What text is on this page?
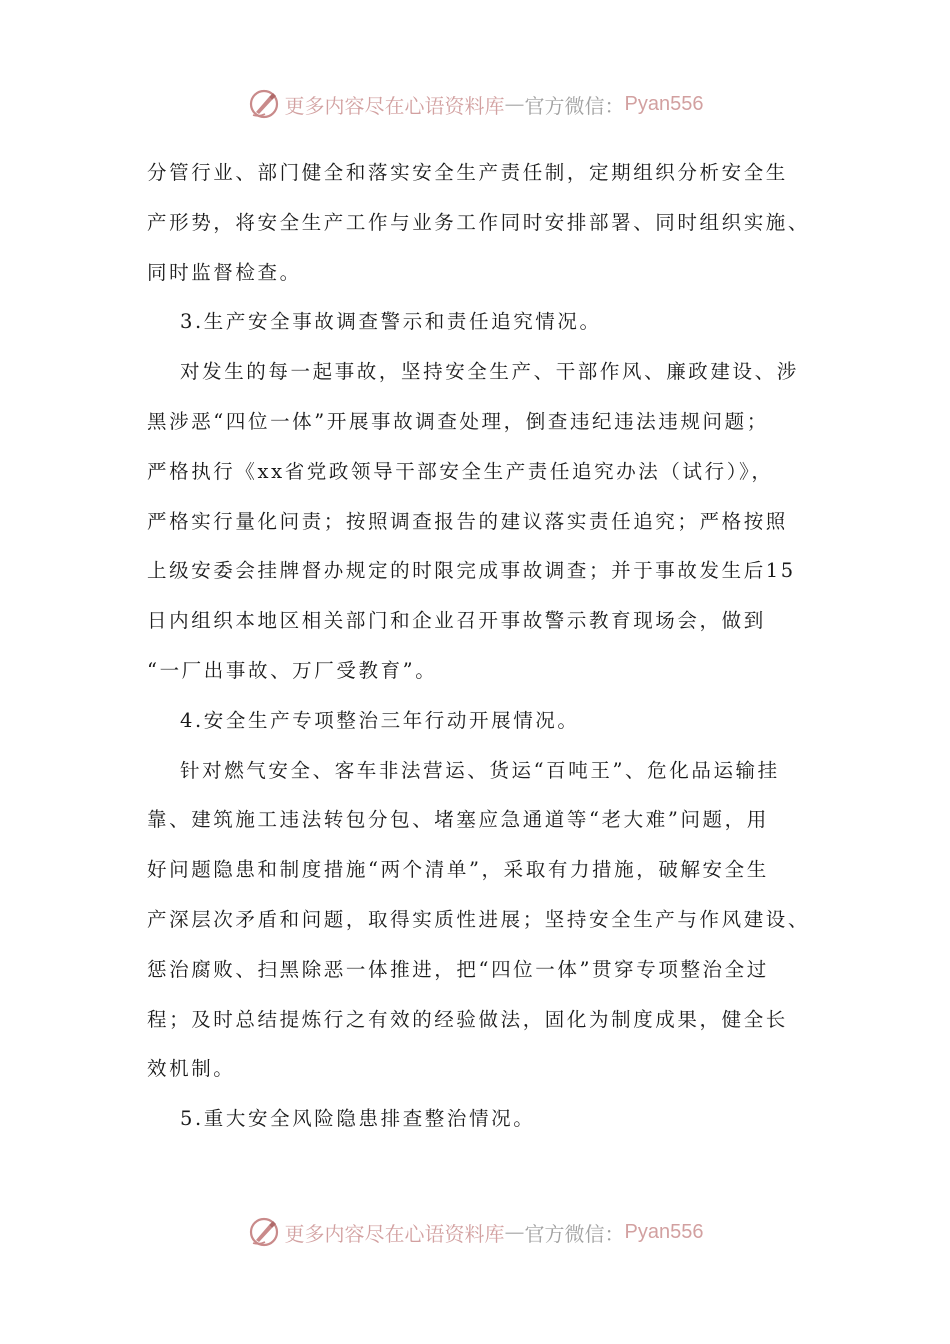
更多内容尽在心语资料库 — 官方微信： Pyan556
分管行业、部门健全和落实安全生产责任制，定期组织分析安全生
产形势，将安全生产工作与业务工作同时安排部署、同时组织实施、
同时监督检查。
3.生产安全事故调查警示和责任追究情况。
对发生的每一起事故，坚持安全生产、干部作风、廉政建设、涉
黑涉恶“四位一体”开展事故调查处理，倒查违纪违法违规问题；
严格执行《xx省党政领导干部安全生产责任追究办法（试行）》，
严格实行量化问责；按照调查报告的建议落实责任追究；严格按照
上级安委会挂牌督办规定的时限完成事故调查；并于事故发生后15
日内组织本地区相关部门和企业召开事故警示教育现场会，做到
“一厂出事故、万厂受教育”。
4.安全生产专项整治三年行动开展情况。
针对燃气安全、客车非法营运、货运“百吨王”、危化品运输挂
靠、建筑施工违法转包分包、堵塞应急通道等“老大难”问题，用
好问题隐患和制度措施“两个清单”，采取有力措施，破解安全生
产深层次矛盾和问题，取得实质性进展；坚持安全生产与作风建设、
惩治腐败、扫黑除恶一体推进，把“四位一体”贯穿专项整治全过
程；及时总结提炼行之有效的经验做法，固化为制度成果，健全长
效机制。
5.重大安全风险隐患排查整治情况。
更多内容尽在心语资料库 — 官方微信： Pyan556
